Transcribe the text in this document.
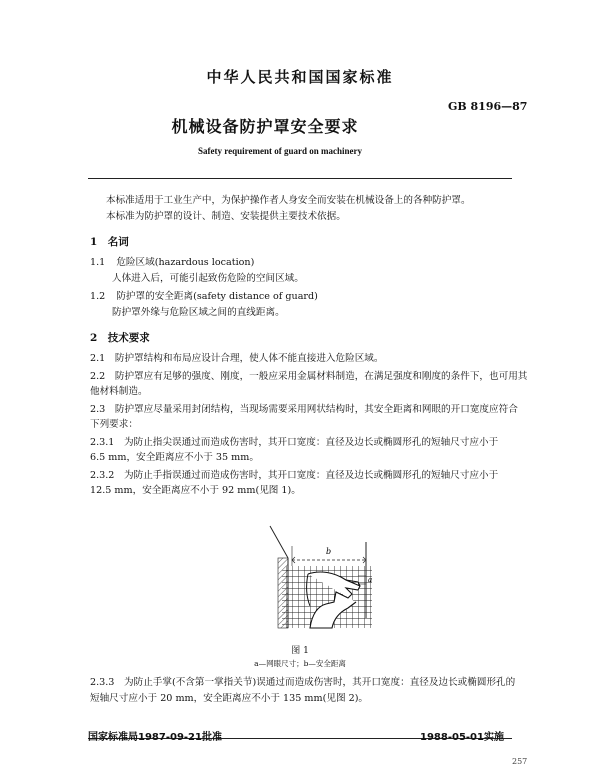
中华人民共和国国家标准
GB 8196—87
机械设备防护罩安全要求
Safety requirement of guard on machinery
本标准适用于工业生产中，为保护操作者人身安全而安装在机械设备上的各种防护罩。
本标准为防护罩的设计、制造、安装提供主要技术依据。
1　名词
1.1 危险区域(hazardous location)
人体进入后，可能引起致伤危险的空间区域。
1.2 防护罩的安全距离(safety distance of guard)
防护罩外缘与危险区域之间的直线距离。
2　技术要求
2.1　防护罩结构和布局应设计合理，使人体不能直接进入危险区域。
2.2　防护罩应有足够的强度、刚度，一般应采用金属材料制造，在满足强度和刚度的条件下，也可用其
他材料制造。
2.3　防护罩应尽量采用封闭结构，当现场需要采用网状结构时，其安全距离和网眼的开口宽度应符合
下列要求：
2.3.1　为防止指尖误通过而造成伤害时，其开口宽度：直径及边长或椭圆形孔的短轴尺寸应小于
6.5 mm，安全距离应不小于 35 mm。
2.3.2　为防止手指误通过而造成伤害时，其开口宽度：直径及边长或椭圆形孔的短轴尺寸应小于
12.5 mm，安全距离应不小于 92 mm(见图 1)。
b
a
图 1
a—网眼尺寸；b—安全距离
2.3.3　为防止手掌(不含第一掌指关节)误通过而造成伤害时，其开口宽度：直径及边长或椭圆形孔的
短轴尺寸应小于 20 mm，安全距离应不小于 135 mm(见图 2)。
国家标准局1987-09-21批准	1988-05-01实施
257
